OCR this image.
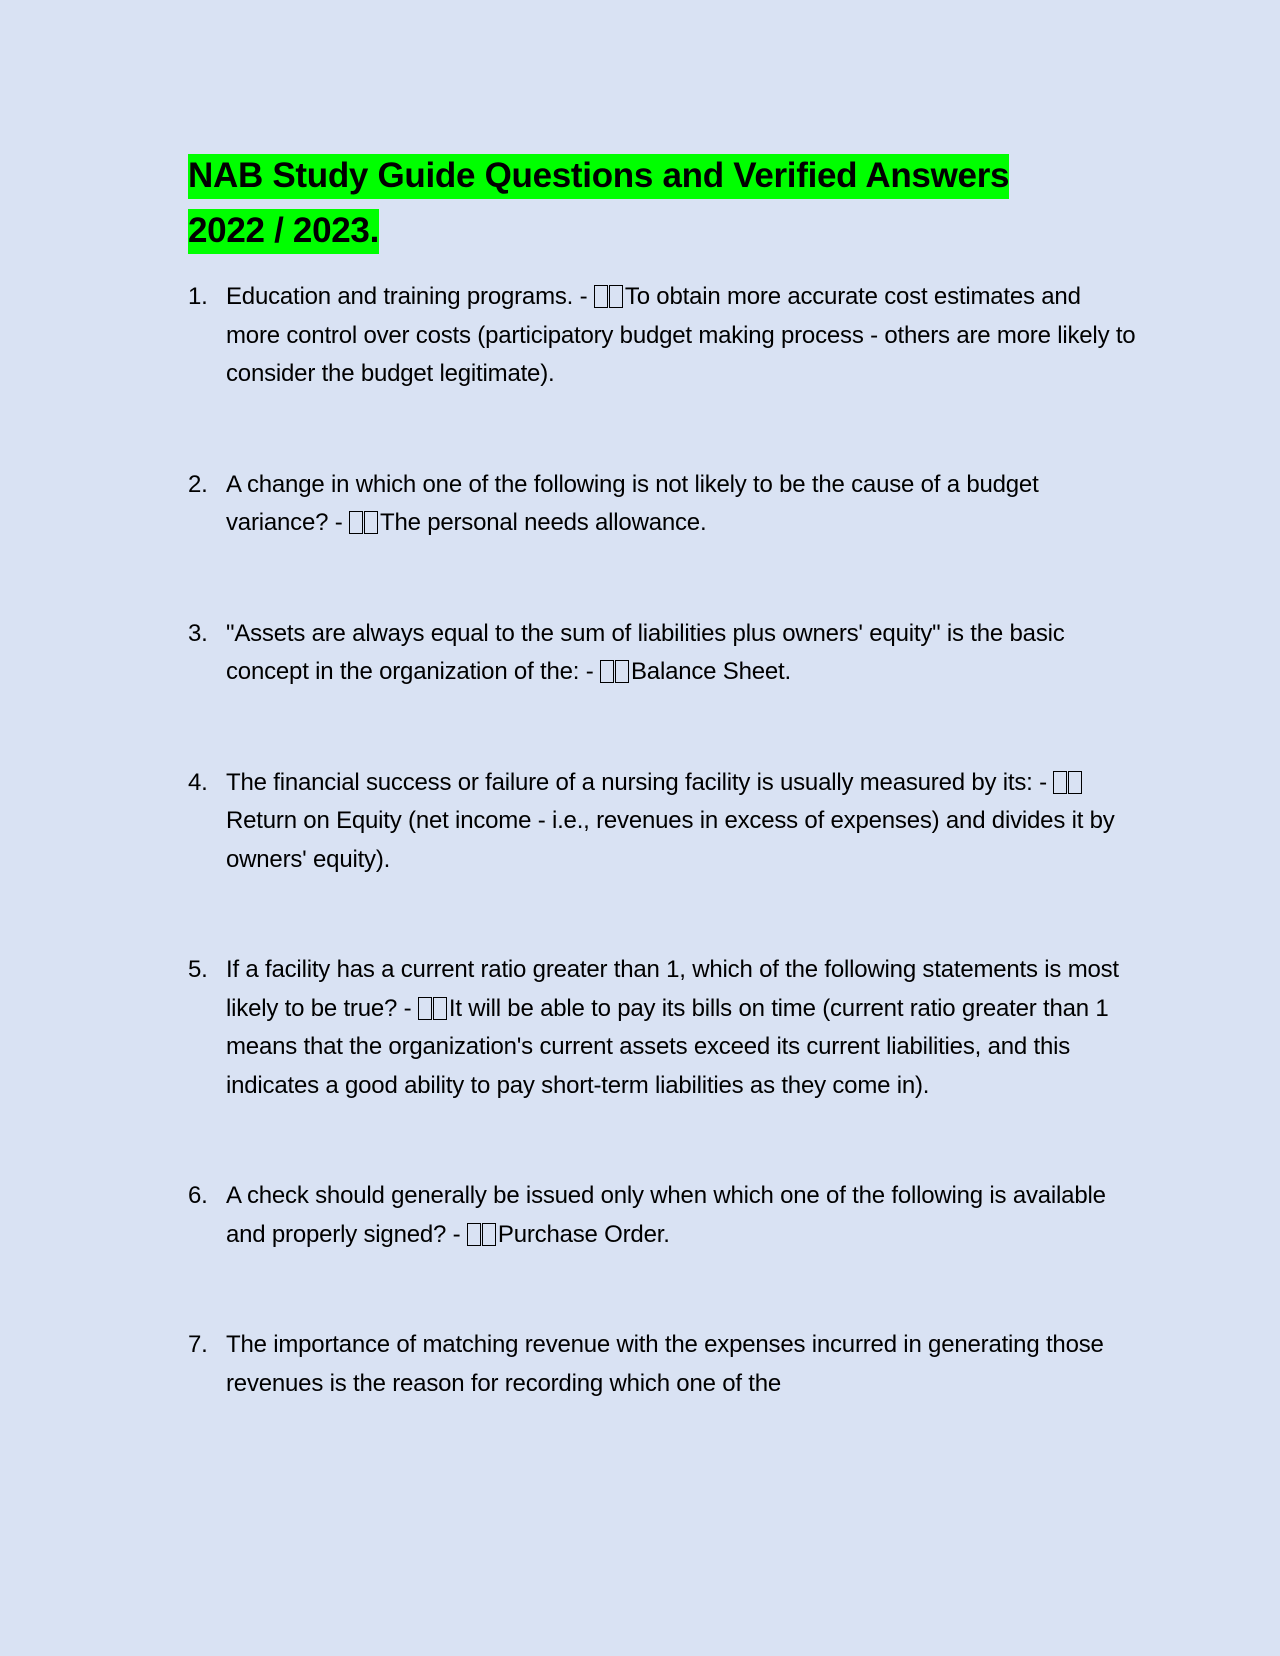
NAB Study Guide Questions and Verified Answers
2022 / 2023.
1. Education and training programs. - To obtain more accurate cost estimates and more control over costs (participatory budget making process - others are more likely to consider the budget legitimate).
2. A change in which one of the following is not likely to be the cause of a budget variance? - The personal needs allowance.
3. "Assets are always equal to the sum of liabilities plus owners' equity" is the basic concept in the organization of the: - Balance Sheet.
4. The financial success or failure of a nursing facility is usually measured by its: - Return on Equity (net income - i.e., revenues in excess of expenses) and divides it by owners' equity).
5. If a facility has a current ratio greater than 1, which of the following statements is most likely to be true? - It will be able to pay its bills on time (current ratio greater than 1 means that the organization's current assets exceed its current liabilities, and this indicates a good ability to pay short-term liabilities as they come in).
6. A check should generally be issued only when which one of the following is available and properly signed? - Purchase Order.
7. The importance of matching revenue with the expenses incurred in generating those revenues is the reason for recording which one of the
